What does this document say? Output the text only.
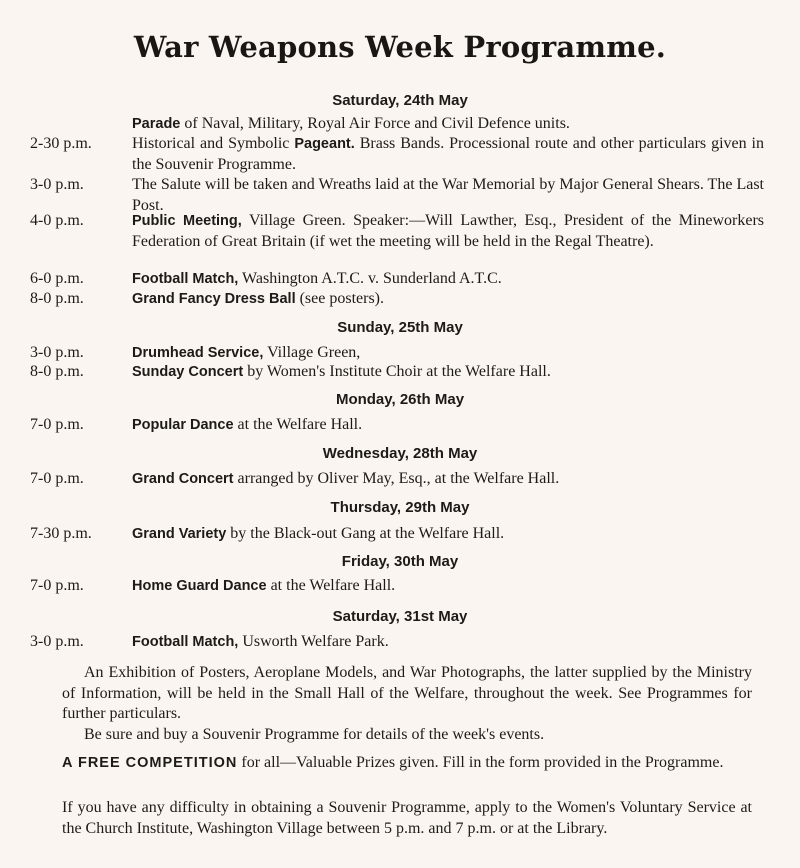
War Weapons Week Programme.
Saturday, 24th May
Parade of Naval, Military, Royal Air Force and Civil Defence units.
2-30 p.m.	Historical and Symbolic Pageant. Brass Bands. Processional route and other particulars given in the Souvenir Programme.
3-0 p.m.	The Salute will be taken and Wreaths laid at the War Memorial by Major General Shears. The Last Post.
4-0 p.m.	Public Meeting, Village Green. Speaker:—Will Lawther, Esq., President of the Mineworkers Federation of Great Britain (if wet the meeting will be held in the Regal Theatre).
6-0 p.m.	Football Match, Washington A.T.C. v. Sunderland A.T.C.
8-0 p.m.	Grand Fancy Dress Ball (see posters).
Sunday, 25th May
3-0 p.m.	Drumhead Service, Village Green,
8-0 p.m.	Sunday Concert by Women's Institute Choir at the Welfare Hall.
Monday, 26th May
7-0 p.m.	Popular Dance at the Welfare Hall.
Wednesday, 28th May
7-0 p.m.	Grand Concert arranged by Oliver May, Esq., at the Welfare Hall.
Thursday, 29th May
7-30 p.m.	Grand Variety by the Black-out Gang at the Welfare Hall.
Friday, 30th May
7-0 p.m.	Home Guard Dance at the Welfare Hall.
Saturday, 31st May
3-0 p.m.	Football Match, Usworth Welfare Park.
An Exhibition of Posters, Aeroplane Models, and War Photographs, the latter supplied by the Ministry of Information, will be held in the Small Hall of the Welfare, throughout the week. See Programmes for further particulars.
Be sure and buy a Souvenir Programme for details of the week's events.
A FREE COMPETITION for all—Valuable Prizes given. Fill in the form provided in the Programme.
If you have any difficulty in obtaining a Souvenir Programme, apply to the Women's Voluntary Service at the Church Institute, Washington Village between 5 p.m. and 7 p.m. or at the Library.
